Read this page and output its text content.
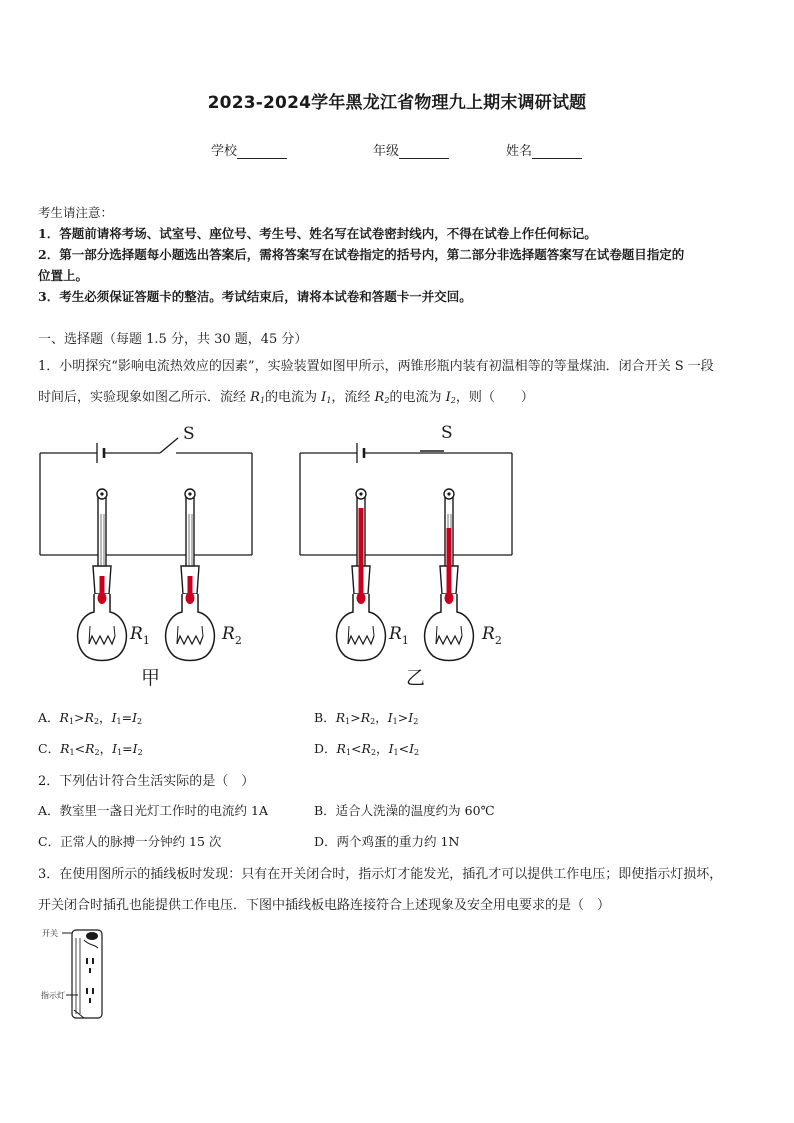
2023-2024学年黑龙江省物理九上期末调研试题
学校	年级	姓名
考生请注意：
1．答题前请将考场、试室号、座位号、考生号、姓名写在试卷密封线内，不得在试卷上作任何标记。
2．第一部分选择题每小题选出答案后，需将答案写在试卷指定的括号内，第二部分非选择题答案写在试卷题目指定的
位置上。
3．考生必须保证答题卡的整洁。考试结束后，请将本试卷和答题卡一并交回。
一、选择题（每题 1.5 分，共 30 题，45 分）
1．小明探究“影响电流热效应的因素”，实验装置如图甲所示，两锥形瓶内装有初温相等的等量煤油．闭合开关 S 一段
时间后，实验现象如图乙所示．流经 $R_1$的电流为 $I_1$，流经 $R_2$的电流为 $I_2$，则（　　）
S
$R_1$	$R_2$
甲
S
$R_1$	$R_2$
乙
A．$R_1>R_2$，$I_1=I_2$	B．$R_1>R_2$，$I_1>I_2$
C．$R_1<R_2$，$I_1=I_2$	D．$R_1<R_2$，$I_1<I_2$
2．下列估计符合生活实际的是（　）
A．教室里一盏日光灯工作时的电流约 1A	B．适合人洗澡的温度约为 60℃
C．正常人的脉搏一分钟约 15 次	D．两个鸡蛋的重力约 1N
3．在使用图所示的插线板时发现：只有在开关闭合时，指示灯才能发光，插孔才可以提供工作电压；即使指示灯损坏，
开关闭合时插孔也能提供工作电压．下图中插线板电路连接符合上述现象及安全用电要求的是（　）
开关
指示灯
